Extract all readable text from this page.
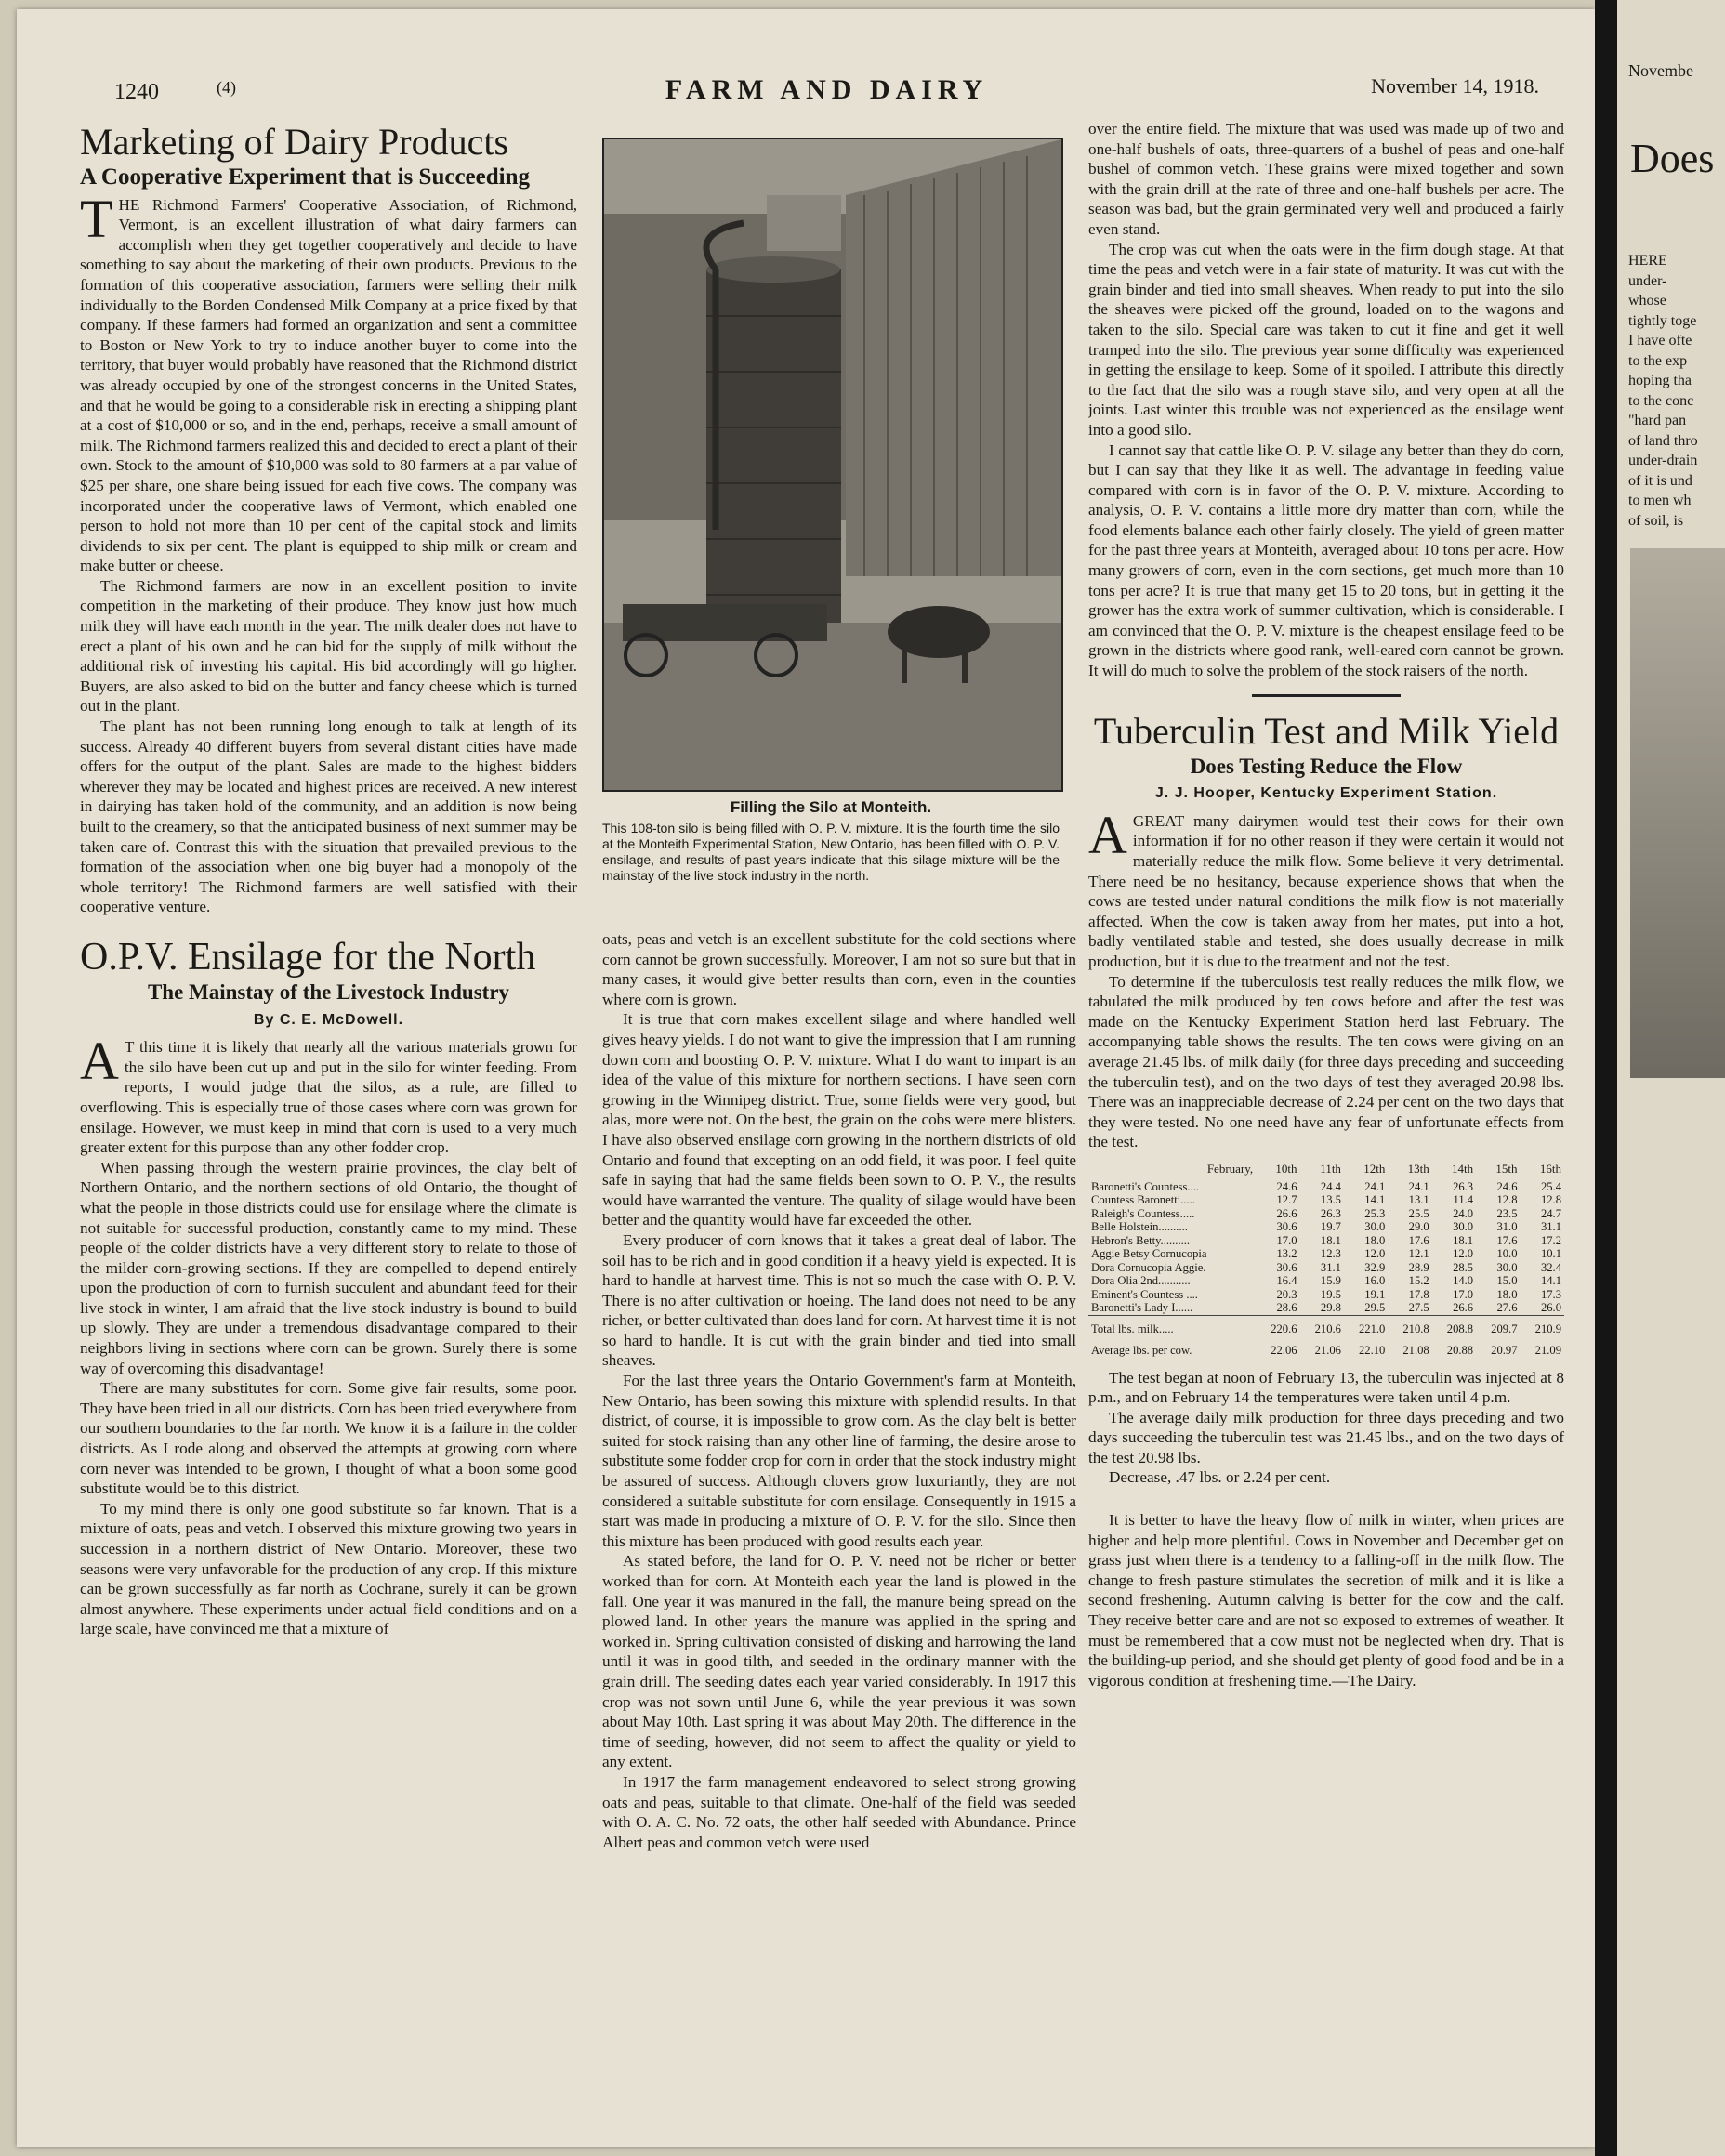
1240	(4)	FARM AND DAIRY	November 14, 1918.
Marketing of Dairy Products
A Cooperative Experiment that is Succeeding

THE Richmond Farmers' Cooperative Association, of Richmond, Vermont, is an excellent illustration of what dairy farmers can accomplish when they get together cooperatively and decide to have something to say about the marketing of their own products. Previous to the formation of this cooperative association, farmers were selling their milk individually to the Borden Condensed Milk Company at a price fixed by that company. If these farmers had formed an organization and sent a committee to Boston or New York to try to induce another buyer to come into the territory, that buyer would probably have reasoned that the Richmond district was already occupied by one of the strongest concerns in the United States, and that he would be going to a considerable risk in erecting a shipping plant at a cost of $10,000 or so, and in the end, perhaps, receive a small amount of milk. The Richmond farmers realized this and decided to erect a plant of their own. Stock to the amount of $10,000 was sold to 80 farmers at a par value of $25 per share, one share being issued for each five cows. The company was incorporated under the cooperative laws of Vermont, which enabled one person to hold not more than 10 per cent of the capital stock and limits dividends to six per cent. The plant is equipped to ship milk or cream and make butter or cheese.

The Richmond farmers are now in an excellent position to invite competition in the marketing of their produce. They know just how much milk they will have each month in the year. The milk dealer does not have to erect a plant of his own and he can bid for the supply of milk without the additional risk of investing his capital. His bid accordingly will go higher. Buyers, are also asked to bid on the butter and fancy cheese which is turned out in the plant.

The plant has not been running long enough to talk at length of its success. Already 40 different buyers from several distant cities have made offers for the output of the plant. Sales are made to the highest bidders wherever they may be located and highest prices are received. A new interest in dairying has taken hold of the community, and an addition is now being built to the creamery, so that the anticipated business of next summer may be taken care of. Contrast this with the situation that prevailed previous to the formation of the association when one big buyer had a monopoly of the whole territory! The Richmond farmers are well satisfied with their cooperative venture.

O.P.V. Ensilage for the North
The Mainstay of the Livestock Industry
By C. E. McDowell.

A T this time it is likely that nearly all the various materials grown for the silo have been cut up and put in the silo for winter feeding. From reports, I would judge that the silos, as a rule, are filled to overflowing. This is especially true of those cases where corn was grown for ensilage. However, we must keep in mind that corn is used to a very much greater extent for this purpose than any other fodder crop.

When passing through the western prairie provinces, the clay belt of Northern Ontario, and the northern sections of old Ontario, the thought of what the people in those districts could use for ensilage where the climate is not suitable for successful production, constantly came to my mind. These people of the colder districts have a very different story to relate to those of the milder corn-growing sections. If they are compelled to depend entirely upon the production of corn to furnish succulent and abundant feed for their live stock in winter, I am afraid that the live stock industry is bound to build up slowly. They are under a tremendous disadvantage compared to their neighbors living in sections where corn can be grown. Surely there is some way of overcoming this disadvantage!

There are many substitutes for corn. Some give fair results, some poor. They have been tried in all our districts. Corn has been tried everywhere from our southern boundaries to the far north. We know it is a failure in the colder districts. As I rode along and observed the attempts at growing corn where corn never was intended to be grown, I thought of what a boon some good substitute would be to this district.

To my mind there is only one good substitute so far known. That is a mixture of oats, peas and vetch. I observed this mixture growing two years in succession in a northern district of New Ontario. Moreover, these two seasons were very unfavorable for the production of any crop. If this mixture can be grown successfully as far north as Cochrane, surely it can be grown almost anywhere. These experiments under actual field conditions and on a large scale, have convinced me that a mixture of

Filling the Silo at Monteith.
This 108-ton silo is being filled with O. P. V. mixture. It is the fourth time the silo at the Monteith Experimental Station, New Ontario, has been filled with O. P. V. ensilage, and results of past years indicate that this silage mixture will be the mainstay of the live stock industry in the north.

oats, peas and vetch is an excellent substitute for the cold sections where corn cannot be grown successfully. Moreover, I am not so sure but that in many cases, it would give better results than corn, even in the counties where corn is grown.

It is true that corn makes excellent silage and where handled well gives heavy yields. I do not want to give the impression that I am running down corn and boosting O. P. V. mixture. What I do want to impart is an idea of the value of this mixture for northern sections. I have seen corn growing in the Winnipeg district. True, some fields were very good, but alas, more were not. On the best, the grain on the cobs were mere blisters. I have also observed ensilage corn growing in the northern districts of old Ontario and found that excepting on an odd field, it was poor. I feel quite safe in saying that had the same fields been sown to O. P. V., the results would have warranted the venture. The quality of silage would have been better and the quantity would have far exceeded the other.

Every producer of corn knows that it takes a great deal of labor. The soil has to be rich and in good condition if a heavy yield is expected. It is hard to handle at harvest time. This is not so much the case with O. P. V. There is no after cultivation or hoeing. The land does not need to be any richer, or better cultivated than does land for corn. At harvest time it is not so hard to handle. It is cut with the grain binder and tied into small sheaves.

For the last three years the Ontario Government's farm at Monteith, New Ontario, has been sowing this mixture with splendid results. In that district, of course, it is impossible to grow corn. As the clay belt is better suited for stock raising than any other line of farming, the desire arose to substitute some fodder crop for corn in order that the stock industry might be assured of success. Although clovers grow luxuriantly, they are not considered a suitable substitute for corn ensilage. Consequently in 1915 a start was made in producing a mixture of O. P. V. for the silo. Since then this mixture has been produced with good results each year.

As stated before, the land for O. P. V. need not be richer or better worked than for corn. At Monteith each year the land is plowed in the fall. One year it was manured in the fall, the manure being spread on the plowed land. In other years the manure was applied in the spring and worked in. Spring cultivation consisted of disking and harrowing the land until it was in good tilth, and seeded in the ordinary manner with the grain drill. The seeding dates each year varied considerably. In 1917 this crop was not sown until June 6, while the year previous it was sown about May 10th. Last spring it was about May 20th. The difference in the time of seeding, however, did not seem to affect the quality or yield to any extent.

In 1917 the farm management endeavored to select strong growing oats and peas, suitable to that climate. One-half of the field was seeded with O. A. C. No. 72 oats, the other half seeded with Abundance. Prince Albert peas and common vetch were used

over the entire field. The mixture that was used was made up of two and one-half bushels of oats, three-quarters of a bushel of peas and one-half bushel of common vetch. These grains were mixed together and sown with the grain drill at the rate of three and one-half bushels per acre. The season was bad, but the grain germinated very well and produced a fairly even stand.

The crop was cut when the oats were in the firm dough stage. At that time the peas and vetch were in a fair state of maturity. It was cut with the grain binder and tied into small sheaves. When ready to put into the silo the sheaves were picked off the ground, loaded on to the wagons and taken to the silo. Special care was taken to cut it fine and get it well tramped into the silo. The previous year some difficulty was experienced in getting the ensilage to keep. Some of it spoiled. I attribute this directly to the fact that the silo was a rough stave silo, and very open at all the joints. Last winter this trouble was not experienced as the ensilage went into a good silo.

I cannot say that cattle like O. P. V. silage any better than they do corn, but I can say that they like it as well. The advantage in feeding value compared with corn is in favor of the O. P. V. mixture. According to analysis, O. P. V. contains a little more dry matter than corn, while the food elements balance each other fairly closely. The yield of green matter for the past three years at Monteith, averaged about 10 tons per acre. How many growers of corn, even in the corn sections, get much more than 10 tons per acre? It is true that many get 15 to 20 tons, but in getting it the grower has the extra work of summer cultivation, which is considerable. I am convinced that the O. P. V. mixture is the cheapest ensilage feed to be grown in the districts where good rank, well-eared corn cannot be grown. It will do much to solve the problem of the stock raisers of the north.

Tuberculin Test and Milk Yield
Does Testing Reduce the Flow
J. J. Hooper, Kentucky Experiment Station.

AGREAT many dairymen would test their cows for their own information if for no other reason if they were certain it would not materially reduce the milk flow. Some believe it very detrimental. There need be no hesitancy, because experience shows that when the cows are tested under natural conditions the milk flow is not materially affected. When the cow is taken away from her mates, put into a hot, badly ventilated stable and tested, she does usually decrease in milk production, but it is due to the treatment and not the test.

To determine if the tuberculosis test really reduces the milk flow, we tabulated the milk produced by ten cows before and after the test was made on the Kentucky Experiment Station herd last February. The accompanying table shows the results. The ten cows were giving on an average 21.45 lbs. of milk daily (for three days preceding and succeeding the tuberculin test), and on the two days of test they averaged 20.98 lbs. There was an inappreciable decrease of 2.24 per cent on the two days that they were tested. No one need have any fear of unfortunate effects from the test.

February,	10th	11th	12th	13th	14th	15th	16th
Baronetti's Countess....	24.6	24.4	24.1	24.1	26.3	24.6	25.4
Countess Baronetti.....	12.7	13.5	14.1	13.1	11.4	12.8	12.8
Raleigh's Countess.....	26.6	26.3	25.3	25.5	24.0	23.5	24.7
Belle Holstein..........	30.6	19.7	30.0	29.0	30.0	31.0	31.1
Hebron's Betty..........	17.0	18.1	18.0	17.6	18.1	17.6	17.2
Aggie Betsy Cornucopia	13.2	12.3	12.0	12.1	12.0	10.0	10.1
Dora Cornucopia Aggie.	30.6	31.1	32.9	28.9	28.5	30.0	32.4
Dora Olia 2nd...........	16.4	15.9	16.0	15.2	14.0	15.0	14.1
Eminent's Countess ....	20.3	19.5	19.1	17.8	17.0	18.0	17.3
Baronetti's Lady I......	28.6	29.8	29.5	27.5	26.6	27.6	26.0
Total lbs. milk.....	220.6	210.6	221.0	210.8	208.8	209.7	210.9
Average lbs. per cow.	22.06	21.06	22.10	21.08	20.88	20.97	21.09

The test began at noon of February 13, the tuberculin was injected at 8 p.m., and on February 14 the temperatures were taken until 4 p.m.

The average daily milk production for three days preceding and two days succeeding the tuberculin test was 21.45 lbs., and on the two days of the test 20.98 lbs.

Decrease, .47 lbs. or 2.24 per cent.

It is better to have the heavy flow of milk in winter, when prices are higher and help more plentiful. Cows in November and December get on grass just when there is a tendency to a falling-off in the milk flow. The change to fresh pasture stimulates the secretion of milk and it is like a second freshening. Autumn calving is better for the cow and the calf. They receive better care and are not so exposed to extremes of weather. It must be remembered that a cow must not be neglected when dry. That is the building-up period, and she should get plenty of good food and be in a vigorous condition at freshening time.—The Dairy.

Novembe
Does
HERE
under-
whose
tightly toge
I have ofte
to the exp
hoping tha
to the conc
"hard pan
of land thro
under-drain
of it is und
to men wh
of soil, is
